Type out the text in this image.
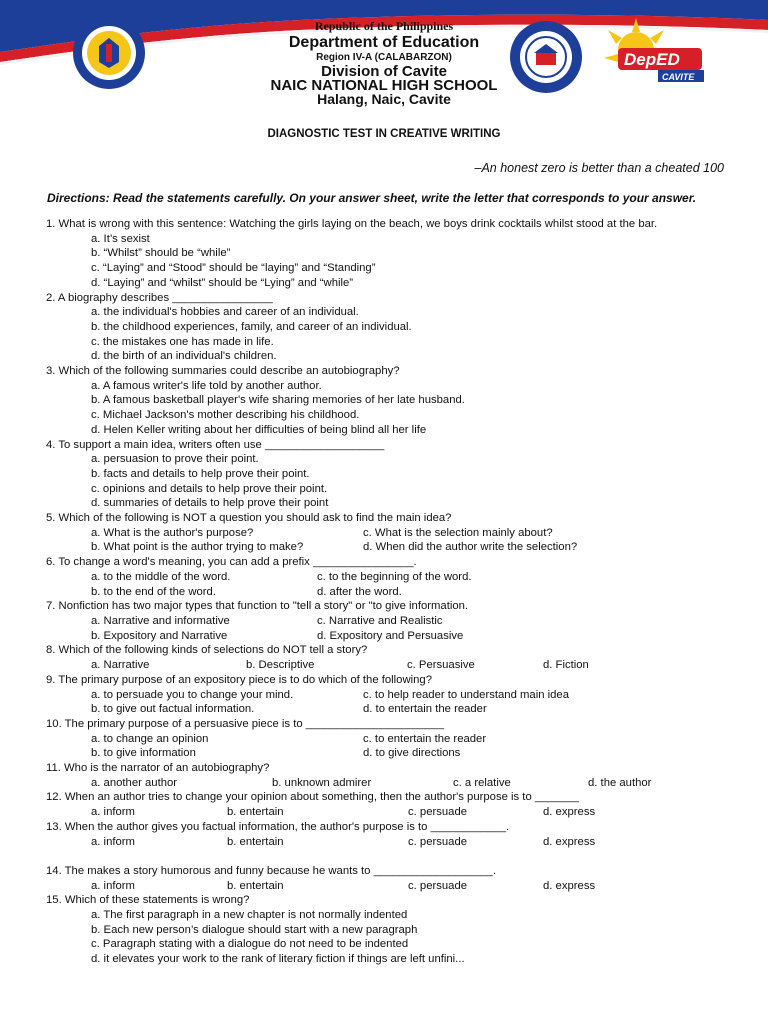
DepED
CAVITE
Republic of the Philippines
Department of Education
Region IV-A (CALABARZON)
Division of Cavite
NAIC NATIONAL HIGH SCHOOL
Halang, Naic, Cavite
DIAGNOSTIC TEST IN CREATIVE WRITING
–An honest zero is better than a cheated 100
Directions: Read the statements carefully. On your answer sheet, write the letter that corresponds to your answer.

1. What is wrong with this sentence: Watching the girls laying on the beach, we boys drink cocktails whilst stood at the bar.

a. It’s sexist

b. “Whilst” should be “while”

c. “Laying” and “Stood” should be “laying” and “Standing”

d. “Laying” and “whilst” should be “Lying” and “while”

2. A biography describes ________________

a. the individual's hobbies and career of an individual.

b. the childhood experiences, family, and career of an individual.

c. the mistakes one has made in life.

d. the birth of an individual's children.

3. Which of the following summaries could describe an autobiography?

a. A famous writer's life told by another author.

b. A famous basketball player's wife sharing memories of her late husband.

c. Michael Jackson's mother describing his childhood.

d. Helen Keller writing about her difficulties of being blind all her life

4. To support a main idea, writers often use ___________________

a. persuasion to prove their point.

b. facts and details to help prove their point.

c. opinions and details to help prove their point.

d. summaries of details to help prove their point

5. Which of the following is NOT a question you should ask to find the main idea?

a. What is the author's purpose?	c. What is the selection mainly about?
b. What point is the author trying to make?	d. When did the author write the selection?

6. To change a word's meaning, you can add a prefix ________________.

a. to the middle of the word.	c. to the beginning of the word.
b. to the end of the word.	d. after the word.

7. Nonfiction has two major types that function to "tell a story" or "to give information.

a. Narrative and informative	c. Narrative and Realistic
b. Expository and Narrative	d. Expository and Persuasive

8. Which of the following kinds of selections do NOT tell a story?

a. Narrative	b. Descriptive	c. Persuasive	d. Fiction

9. The primary purpose of an expository piece is to do which of the following?

a. to persuade you to change your mind.	c. to help reader to understand main idea
b. to give out factual information.	d. to entertain the reader

10. The primary purpose of a persuasive piece is to ______________________

a. to change an opinion	c. to entertain the reader
b. to give information	d. to give directions

11. Who is the narrator of an autobiography?

a. another author	b. unknown admirer	c. a relative	d. the author

12. When an author tries to change your opinion about something, then the author's purpose is to _______

a. inform	b. entertain	c. persuade	d. express

13. When the author gives you factual information, the author's purpose is to ____________.

a. inform	b. entertain	c. persuade	d. express

14. The makes a story humorous and funny because he wants to ___________________.

a. inform	b. entertain	c. persuade	d. express

15. Which of these statements is wrong?

a. The first paragraph in a new chapter is not normally indented

b. Each new person’s dialogue should start with a new paragraph

c. Paragraph stating with a dialogue do not need to be indented

d. it elevates your work to the rank of literary fiction if things are left unfini...
